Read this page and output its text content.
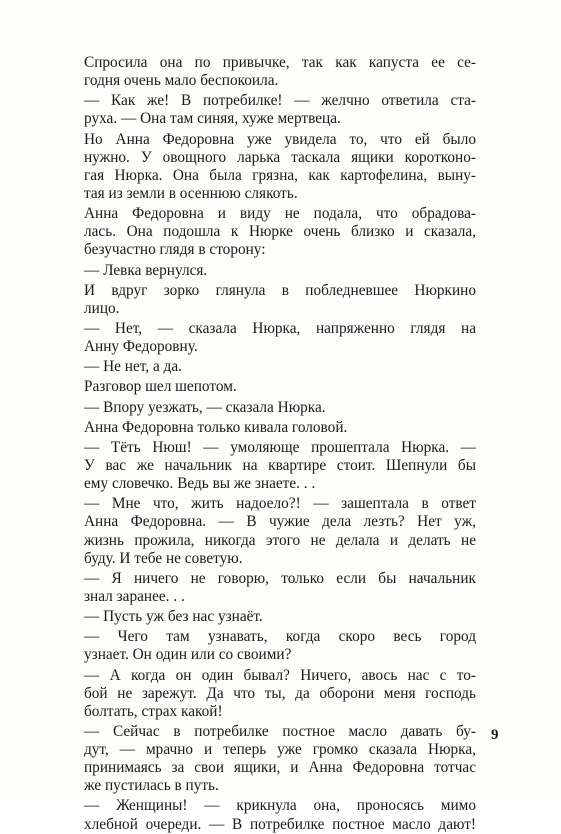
Спросила она по привычке, так как капуста ее се-
годня очень мало беспокоила.
— Как же! В потребилке! — желчно ответила ста-
руха. — Она там синяя, хуже мертвеца.
Но Анна Федоровна уже увидела то, что ей было
нужно. У овощного ларька таскала ящики коротконо-
гая Нюрка. Она была грязна, как картофелина, выну-
тая из земли в осеннюю слякоть.
Анна Федоровна и виду не подала, что обрадова-
лась. Она подошла к Нюрке очень близко и сказала,
безучастно глядя в сторону:
— Левка вернулся.
И вдруг зорко глянула в побледневшее Нюркино
лицо.
— Нет, — сказала Нюрка, напряженно глядя на
Анну Федоровну.
— Не нет, а да.
Разговор шел шепотом.
— Впору уезжать, — сказала Нюрка.
Анна Федоровна только кивала головой.
— Тёть Нюш! — умоляюще прошептала Нюрка. —
У вас же начальник на квартире стоит. Шепнули бы
ему словечко. Ведь вы же знаете. . .
— Мне что, жить надоело?! — зашептала в ответ
Анна Федоровна. — В чужие дела лезть? Нет уж,
жизнь прожила, никогда этого не делала и делать не
буду. И тебе не советую.
— Я ничего не говорю, только если бы начальник
знал заранее. . .
— Пусть уж без нас узнаёт.
— Чего там узнавать, когда скоро весь город
узнает. Он один или со своими?
— А когда он один бывал? Ничего, авось нас с то-
бой не зарежут. Да что ты, да оборони меня господь
болтать, страх какой!
— Сейчас в потребилке постное масло давать бу-
дут, — мрачно и теперь уже громко сказала Нюрка,
принимаясь за свои ящики, и Анна Федоровна тотчас
же пустилась в путь.
— Женщины! — крикнула она, проносясь мимо
хлебной очереди. — В потребилке постное масло дают!
9
